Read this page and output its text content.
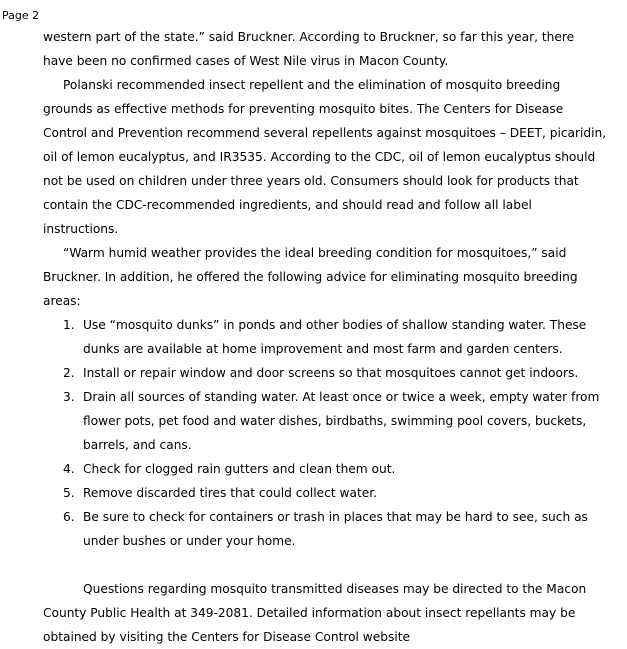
Page 2

western part of the state.” said Bruckner. According to Bruckner, so far this year, there have been no confirmed cases of West Nile virus in Macon County.

Polanski recommended insect repellent and the elimination of mosquito breeding grounds as effective methods for preventing mosquito bites. The Centers for Disease Control and Prevention recommend several repellents against mosquitoes – DEET, picaridin, oil of lemon eucalyptus, and IR3535. According to the CDC, oil of lemon eucalyptus should not be used on children under three years old. Consumers should look for products that contain the CDC-recommended ingredients, and should read and follow all label instructions.

“Warm humid weather provides the ideal breeding condition for mosquitoes,” said Bruckner. In addition, he offered the following advice for eliminating mosquito breeding areas:

1. Use “mosquito dunks” in ponds and other bodies of shallow standing water. These dunks are available at home improvement and most farm and garden centers.
2. Install or repair window and door screens so that mosquitoes cannot get indoors.
3. Drain all sources of standing water. At least once or twice a week, empty water from flower pots, pet food and water dishes, birdbaths, swimming pool covers, buckets, barrels, and cans.
4. Check for clogged rain gutters and clean them out.
5. Remove discarded tires that could collect water.
6. Be sure to check for containers or trash in places that may be hard to see, such as under bushes or under your home.

Questions regarding mosquito transmitted diseases may be directed to the Macon County Public Health at 349-2081. Detailed information about insect repellants may be obtained by visiting the Centers for Disease Control website
